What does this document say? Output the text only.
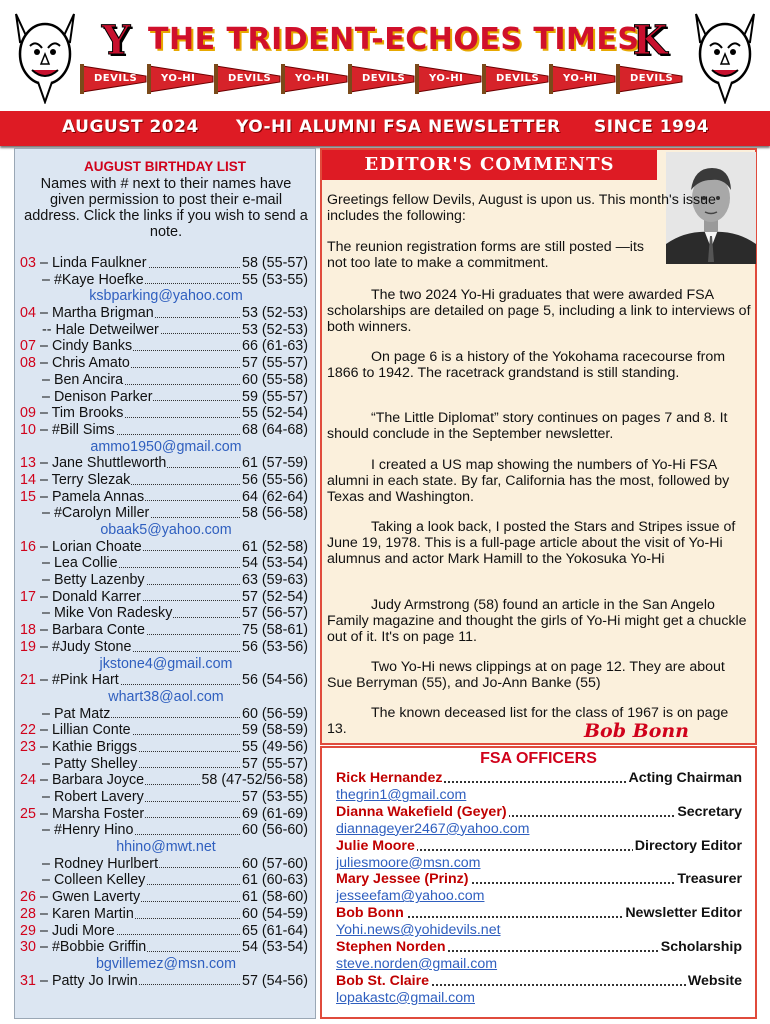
Y THE TRIDENT-ECHOES TIMES
K
DEVILS YO-HI	DEVILS YO-HI	DEVILS YO-HI	DEVILS YO-HI	DEVILS
AUGUST 2024 YO-HI ALUMNI FSA NEWSLETTER SINCE 1994
AUGUST BIRTHDAY LIST
Names with # next to their names have given permission to post their e-mail address. Click the links if you wish to send a note.
03 – Linda Faulkner	58 (55-57)
– #Kaye Hoefke	55 (53-55)
ksbparking@yahoo.com
04 – Martha Brigman	53 (52-53)
-- Hale Detweilwer	53 (52-53)
07 – Cindy Banks	66 (61-63)
08 – Chris Amato	57 (55-57)
– Ben Ancira	60 (55-58)
– Denison Parker	59 (55-57)
09 – Tim Brooks	55 (52-54)
10 – #Bill Sims	68 (64-68)
ammo1950@gmail.com
13 – Jane Shuttleworth	61 (57-59)
14 – Terry Slezak	56 (55-56)
15 – Pamela Annas	64 (62-64)
– #Carolyn Miller	58 (56-58)
obaak5@yahoo.com
16 – Lorian Choate	61 (52-58)
– Lea Collie	54 (53-54)
– Betty Lazenby	63 (59-63)
17 – Donald Karrer	57 (52-54)
– Mike Von Radesky	57 (56-57)
18 – Barbara Conte	75 (58-61)
19 – #Judy Stone	56 (53-56)
jkstone4@gmail.com
21 – #Pink Hart	56 (54-56)
whart38@aol.com
– Pat Matz	60 (56-59)
22 – Lillian Conte	59 (58-59)
23 – Kathie Briggs	55 (49-56)
– Patty Shelley	57 (55-57)
24 – Barbara Joyce	58 (47-52/56-58)
– Robert Lavery	57 (53-55)
25 – Marsha Foster	69 (61-69)
– #Henry Hino	60 (56-60)
hhino@mwt.net
– Rodney Hurlbert	60 (57-60)
– Colleen Kelley	61 (60-63)
26 – Gwen Laverty	61 (58-60)
28 – Karen Martin	60 (54-59)
29 – Judi More	65 (61-64)
30 – #Bobbie Griffin	54 (53-54)
bgvillemez@msn.com
31 – Patty Jo Irwin	57 (54-56)
EDITOR'S COMMENTS
Greetings fellow Devils, August is upon us. This month's issue includes the following:
The reunion registration forms are still posted —its not too late to make a commitment.
The two 2024 Yo-Hi graduates that were awarded FSA scholarships are detailed on page 5, including a link to interviews of both winners.
On page 6 is a history of the Yokohama racecourse from 1866 to 1942. The racetrack grandstand is still standing.
“The Little Diplomat” story continues on pages 7 and 8. It should conclude in the September newsletter.
I created a US map showing the numbers of Yo-Hi FSA alumni in each state. By far, California has the most, followed by Texas and Washington.
Taking a look back, I posted the Stars and Stripes issue of June 19, 1978. This is a full-page article about the visit of Yo-Hi alumnus and actor Mark Hamill to the Yokosuka Yo-Hi
Judy Armstrong (58) found an article in the San Angelo Family magazine and thought the girls of Yo-Hi might get a chuckle out of it. It's on page 11.
Two Yo-Hi news clippings at on page 12. They are about Sue Berryman (55), and Jo-Ann Banke (55)
The known deceased list for the class of 1967 is on page 13.	Bob Bonn
FSA OFFICERS
Rick Hernandez	Acting Chairman
thegrin1@gmail.com
Dianna Wakefield (Geyer)	Secretary
diannageyer2467@yahoo.com
Julie Moore	Directory Editor
juliesmoore@msn.com
Mary Jessee (Prinz)	Treasurer
jesseefam@yahoo.com
Bob Bonn	Newsletter Editor
Yohi.news@yohidevils.net
Stephen Norden	Scholarship
steve.norden@gmail.com
Bob St. Claire	Website
lopakastc@gmail.com
